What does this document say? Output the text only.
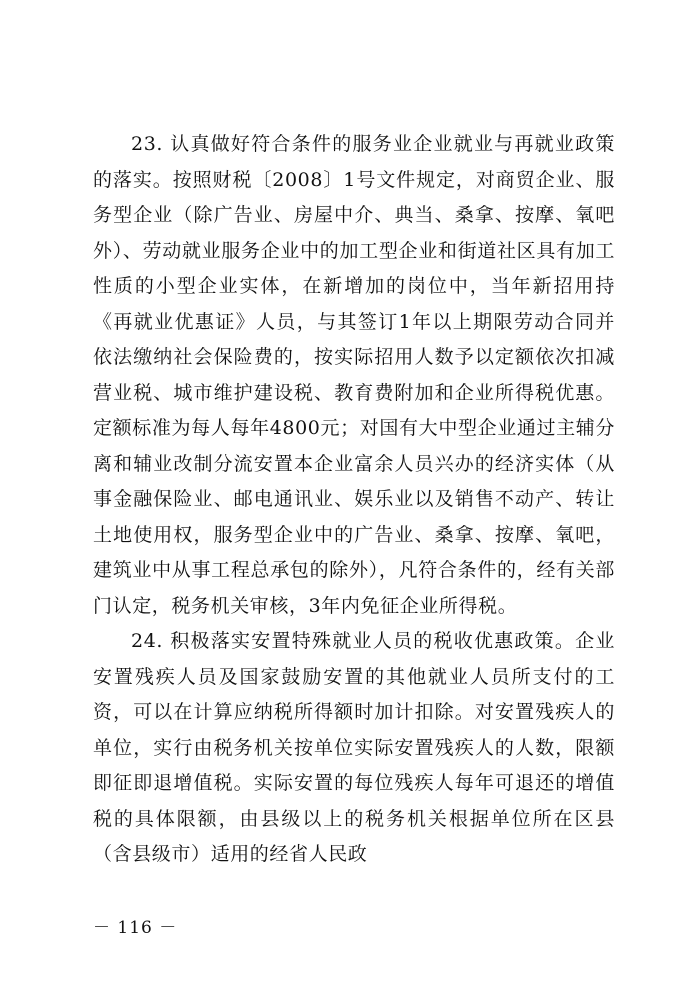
23. 认真做好符合条件的服务业企业就业与再就业政策的落实。按照财税〔2008〕1号文件规定，对商贸企业、服务型企业（除广告业、房屋中介、典当、桑拿、按摩、氧吧外）、劳动就业服务企业中的加工型企业和街道社区具有加工性质的小型企业实体，在新增加的岗位中，当年新招用持《再就业优惠证》人员，与其签订1年以上期限劳动合同并依法缴纳社会保险费的，按实际招用人数予以定额依次扣减营业税、城市维护建设税、教育费附加和企业所得税优惠。定额标准为每人每年4800元；对国有大中型企业通过主辅分离和辅业改制分流安置本企业富余人员兴办的经济实体（从事金融保险业、邮电通讯业、娱乐业以及销售不动产、转让土地使用权，服务型企业中的广告业、桑拿、按摩、氧吧，建筑业中从事工程总承包的除外），凡符合条件的，经有关部门认定，税务机关审核，3年内免征企业所得税。

24. 积极落实安置特殊就业人员的税收优惠政策。企业安置残疾人员及国家鼓励安置的其他就业人员所支付的工资，可以在计算应纳税所得额时加计扣除。对安置残疾人的单位，实行由税务机关按单位实际安置残疾人的人数，限额即征即退增值税。实际安置的每位残疾人每年可退还的增值税的具体限额，由县级以上的税务机关根据单位所在区县（含县级市）适用的经省人民政

－ 116 －
